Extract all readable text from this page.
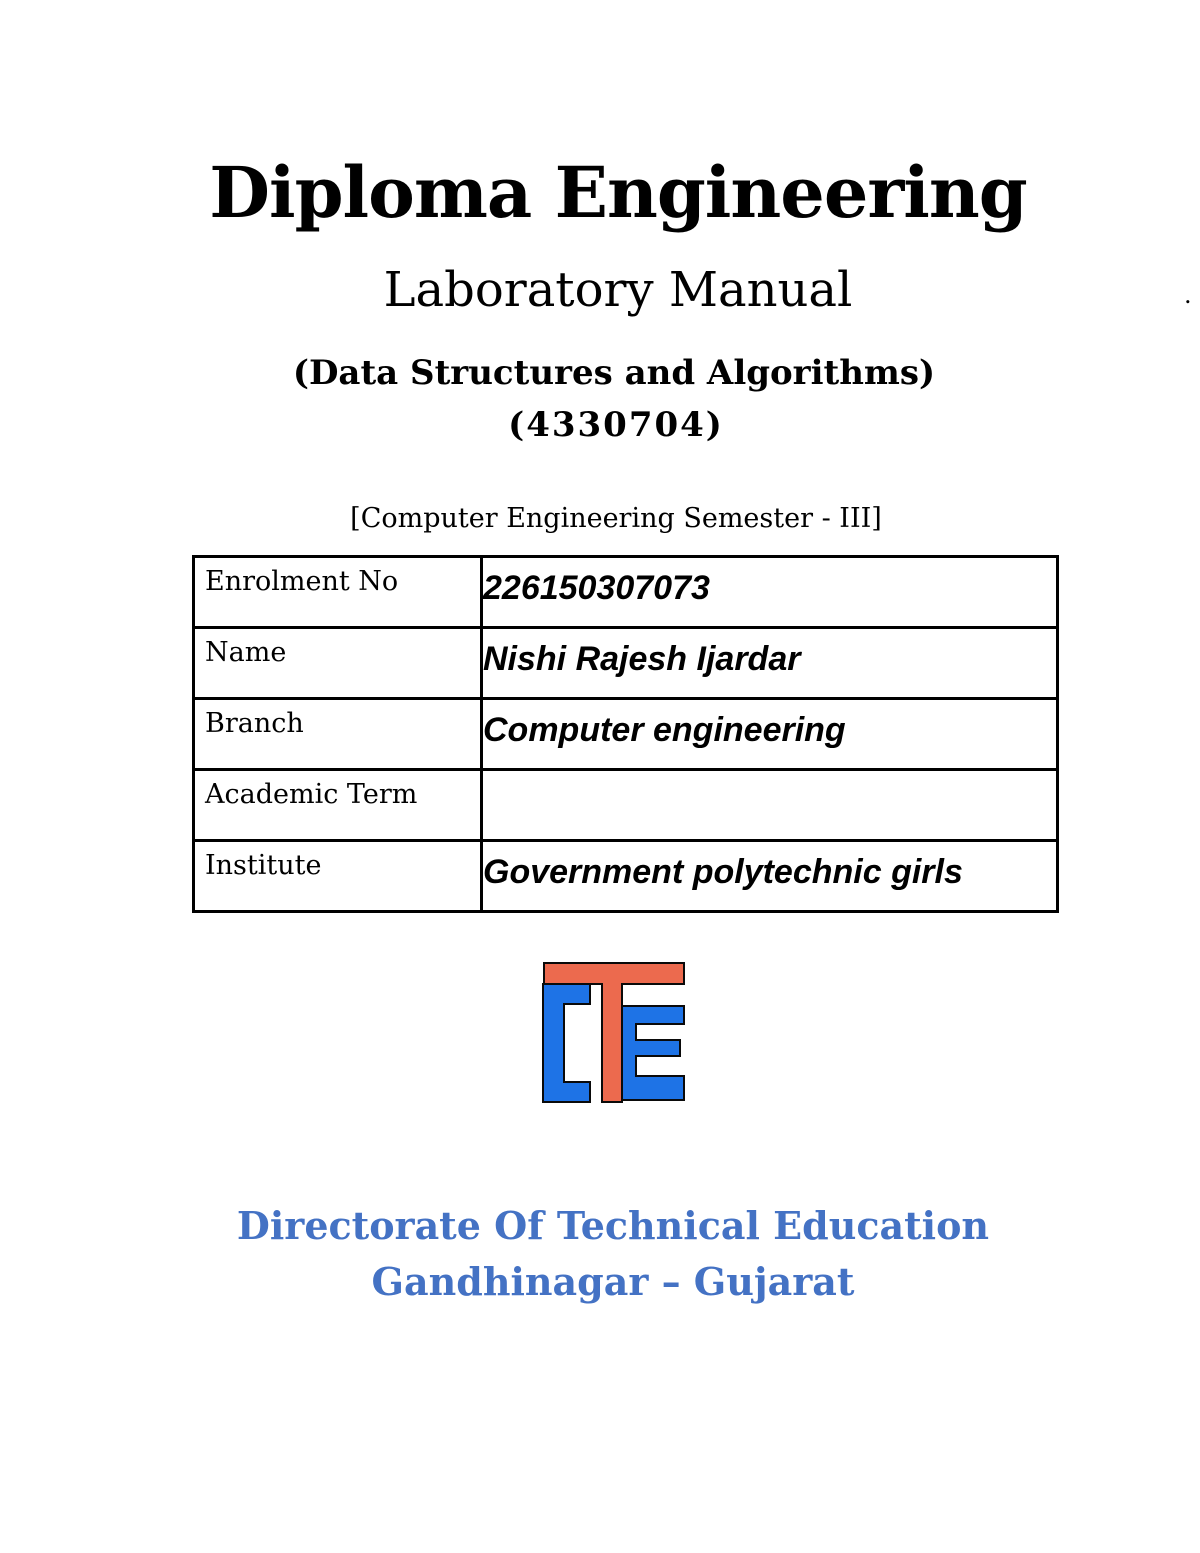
Diploma Engineering
Laboratory Manual	.
(Data Structures and Algorithms)
(4330704)
[Computer Engineering Semester - III]
Enrolment No	226150307073
Name	Nishi Rajesh Ijardar
Branch	Computer engineering
Academic Term	
Institute	Government polytechnic girls
Directorate Of Technical Education
Gandhinagar – Gujarat
